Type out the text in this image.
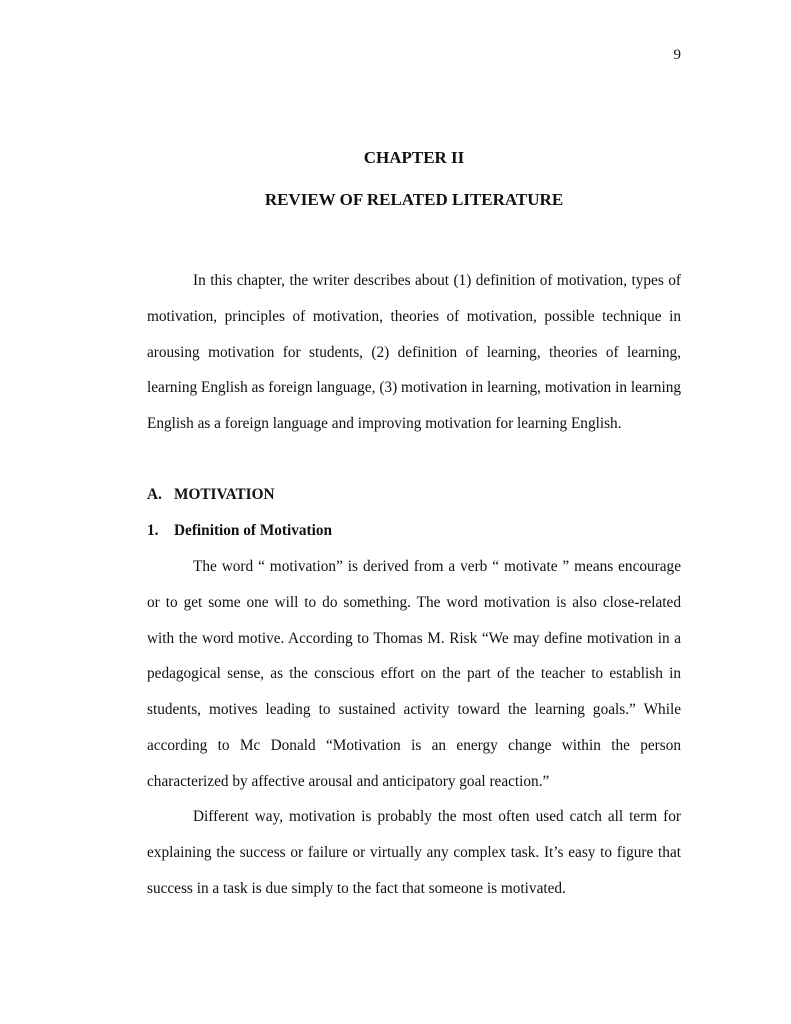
9
CHAPTER II
REVIEW OF RELATED LITERATURE

In this chapter, the writer describes about (1) definition of motivation, types of motivation, principles of motivation, theories of motivation, possible technique in arousing motivation for students, (2) definition of learning, theories of learning, learning English as foreign language, (3) motivation in learning, motivation in learning English as a foreign language and improving motivation for learning English.

A. MOTIVATION

1. Definition of Motivation

The word “ motivation” is derived from a verb “ motivate ” means encourage or to get some one will to do something. The word motivation is also close-related with the word motive. According to Thomas M. Risk “We may define motivation in a pedagogical sense, as the conscious effort on the part of the teacher to establish in students, motives leading to sustained activity toward the learning goals.” While according to Mc Donald “Motivation is an energy change within the person characterized by affective arousal and anticipatory goal reaction.”

Different way, motivation is probably the most often used catch all term for explaining the success or failure or virtually any complex task. It’s easy to figure that success in a task is due simply to the fact that someone is motivated.
